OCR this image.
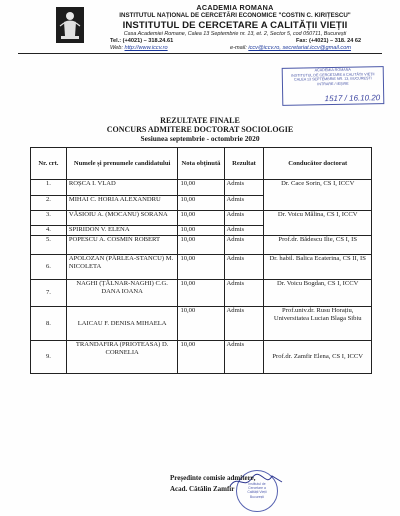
ACADEMIA ROMANA
INSTITUTUL NAȚIONAL DE CERCETĂRI ECONOMICE "COSTIN C. KIRIȚESCU"
INSTITUTUL DE CERCETARE A CALITĂȚII VIEȚII
Casa Academiei Romane, Calea 13 Septembrie nr. 13, et. 2, Sector 5, cod 050711, București
Tel.: (+4021) – 318.24.61	Fax: (+4021) – 318. 24 62
Web: http://www.iccv.ro	e-mail: iccv@iccv.ro, secretariat.iccv@gmail.com
ACADEMIA ROMANA
INSTITUTUL DE CERCETARE A CALITĂȚII VIEȚII
CALEA 13 SEPTEMBRIE NR. 13, BUCUREȘTI
INTRARE / IEȘIRE
1517 / 16.10.20
REZULTATE FINALE
CONCURS ADMITERE DOCTORAT SOCIOLOGIE
Sesiunea septembrie - octombrie 2020
Nr. crt.	Numele și prenumele candidatului	Nota obținută	Rezultat	Conducător doctorat
1.	ROȘCA I. VLAD	10,00	Admis	Dr. Cace Sorin, CS I, ICCV
2.	MIHAI C. HORIA ALEXANDRU	10,00	Admis	
3.	VĂSIOIU A. (MOCANU) SORANA	10,00	Admis	Dr. Voicu Mălina, CS I, ICCV
4.	SPIRIDON V. ELENA	10,00	Admis	
5.	POPESCU A. COSMIN ROBERT	10,00	Admis	Prof.dr. Bădescu Ilie, CS I, IS
6.	APOLOZAN (PÂRLEA-STANCU) M. NICOLETA	10,00	Admis	Dr. habil. Balica Ecaterina, CS II, IS
7.	NAGHI (ȚĂLNAR-NAGHI) C.G. DANA IOANA	10,00	Admis	Dr. Voicu Bogdan, CS I, ICCV
8.	LAICAU F. DENISA MIHAELA	10,00	Admis	Prof.univ.dr. Rusu Horațiu, Universitatea Lucian Blaga Sibiu
9.	TRANDAFIRA (PRIOTEASA) D. CORNELIA	10,00	Admis	Prof.dr. Zamfir Elena, CS I, ICCV
Institutul de
Cercetare a
Calității Vieții
București
Președinte comisie admitere,
Acad. Cătălin Zamfir
